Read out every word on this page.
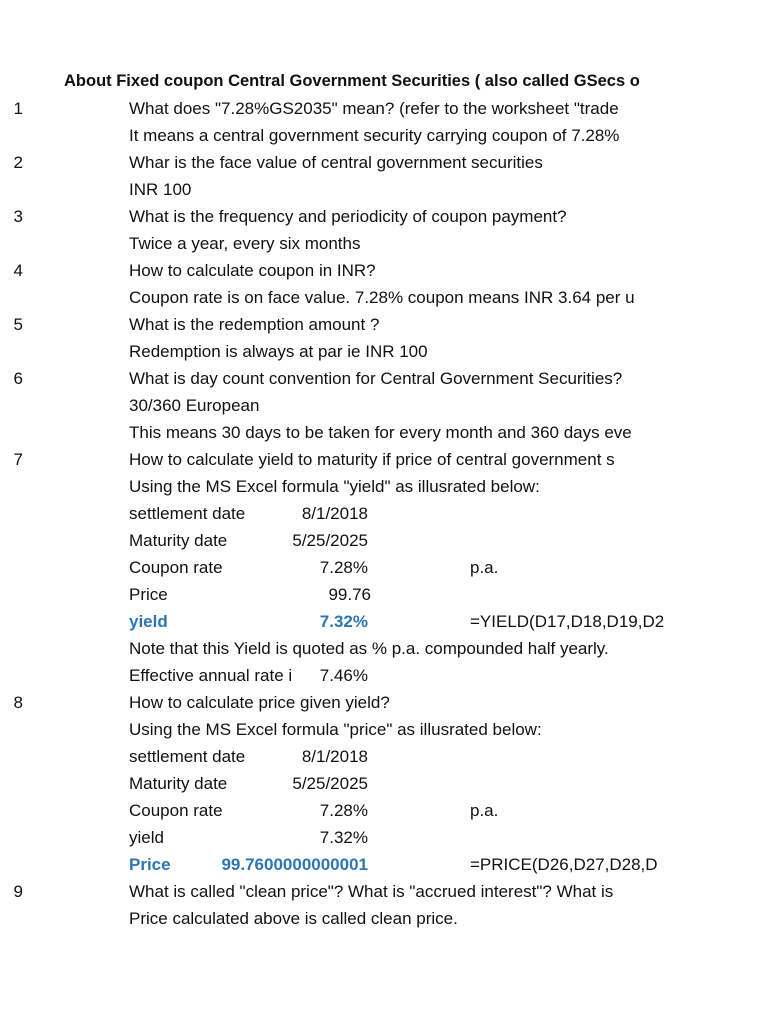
About Fixed coupon Central Government Securities ( also called GSecs o
1	What does "7.28%GS2035" mean? (refer to the worksheet "trade
It means a central government security carrying coupon of 7.28%
2	Whar is the face value of central government securities
INR 100
3	What is the frequency and periodicity of coupon payment?
Twice a year, every six months
4	How to calculate coupon in INR?
Coupon rate is on face value. 7.28% coupon means INR 3.64 per u
5	What is the redemption amount ?
Redemption is always at par ie INR 100
6	What is day count convention for Central Government Securities?
30/360 European
This means 30 days to be taken for every month and 360 days eve
7	How to calculate yield to maturity if price of central government s
Using the MS Excel formula "yield" as illusrated below:
settlement date	8/1/2018
Maturity date	5/25/2025
Coupon rate	7.28%	p.a.
Price	99.76
yield	7.32%	=YIELD(D17,D18,D19,D2
Note that this Yield is quoted as % p.a. compounded half yearly.
Effective annual rate i 7.46%
8	How to calculate price given yield?
Using the MS Excel formula "price" as illusrated below:
settlement date	8/1/2018
Maturity date	5/25/2025
Coupon rate	7.28%	p.a.
yield	7.32%
Price	99.7600000000001	=PRICE(D26,D27,D28,D
9	What is called "clean price"? What is "accrued interest"? What is
Price calculated above is called clean price.
